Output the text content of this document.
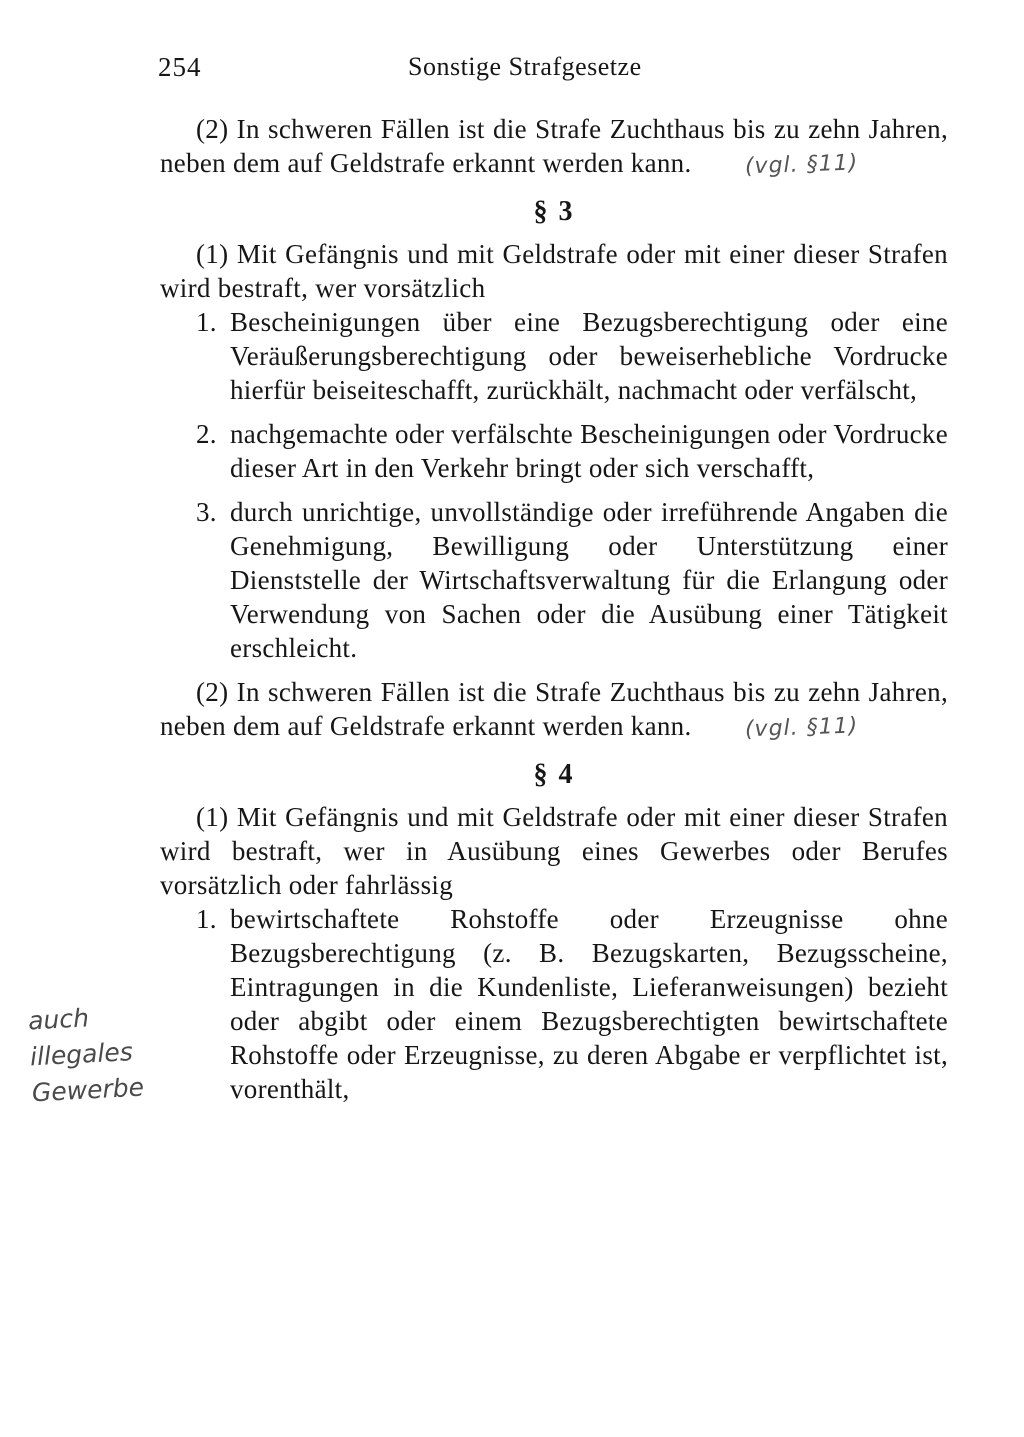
254	Sonstige Strafgesetze
auch
illegales
Gewerbe

(2) In schweren Fällen ist die Strafe Zuchthaus bis zu zehn Jahren, neben dem auf Geldstrafe erkannt werden kann. (vgl. §11)

§ 3

(1) Mit Gefängnis und mit Geldstrafe oder mit einer dieser Strafen wird bestraft, wer vorsätzlich

1. Bescheinigungen über eine Bezugsberechtigung oder eine Veräußerungsberechtigung oder beweiserhebliche Vordrucke hierfür beiseiteschafft, zurückhält, nachmacht oder verfälscht,
2. nachgemachte oder verfälschte Bescheinigungen oder Vordrucke dieser Art in den Verkehr bringt oder sich verschafft,
3. durch unrichtige, unvollständige oder irreführende Angaben die Genehmigung, Bewilligung oder Unterstützung einer Dienststelle der Wirtschaftsverwaltung für die Erlangung oder Verwendung von Sachen oder die Ausübung einer Tätigkeit erschleicht.

(2) In schweren Fällen ist die Strafe Zuchthaus bis zu zehn Jahren, neben dem auf Geldstrafe erkannt werden kann. (vgl. §11)

§ 4

(1) Mit Gefängnis und mit Geldstrafe oder mit einer dieser Strafen wird bestraft, wer in Ausübung eines Gewerbes oder Berufes vorsätzlich oder fahrlässig

1. bewirtschaftete Rohstoffe oder Erzeugnisse ohne Bezugsberechtigung (z. B. Bezugskarten, Bezugsscheine, Eintragungen in die Kundenliste, Lieferanweisungen) bezieht oder abgibt oder einem Bezugsberechtigten bewirtschaftete Rohstoffe oder Erzeugnisse, zu deren Abgabe er verpflichtet ist, vorenthält,
